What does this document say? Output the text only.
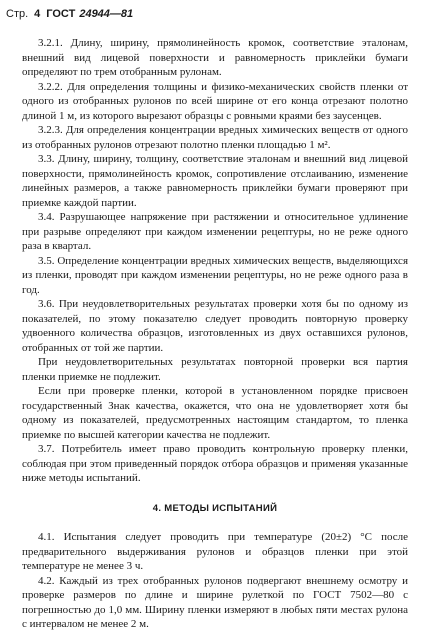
Стр. 4 ГОСТ 24944—81

3.2.1. Длину, ширину, прямолинейность кромок, соответствие эталонам, внешний вид лицевой поверхности и равномерность приклейки бумаги определяют по трем отобранным рулонам.

3.2.2. Для определения толщины и физико-механических свойств пленки от одного из отобранных рулонов по всей ширине от его конца отрезают полотно длиной 1 м, из которого вырезают образцы с ровными краями без заусенцев.

3.2.3. Для определения концентрации вредных химических веществ от одного из отобранных рулонов отрезают полотно пленки площадью 1 м².

3.3. Длину, ширину, толщину, соответствие эталонам и внешний вид лицевой поверхности, прямолинейность кромок, сопротивление отслаиванию, изменение линейных размеров, а также равномерность приклейки бумаги проверяют при приемке каждой партии.

3.4. Разрушающее напряжение при растяжении и относительное удлинение при разрыве определяют при каждом изменении рецептуры, но не реже одного раза в квартал.

3.5. Определение концентрации вредных химических веществ, выделяющихся из пленки, проводят при каждом изменении рецептуры, но не реже одного раза в год.

3.6. При неудовлетворительных результатах проверки хотя бы по одному из показателей, по этому показателю следует проводить повторную проверку удвоенного количества образцов, изготовленных из двух оставшихся рулонов, отобранных от той же партии.

При неудовлетворительных результатах повторной проверки вся партия пленки приемке не подлежит.

Если при проверке пленки, которой в установленном порядке присвоен государственный Знак качества, окажется, что она не удовлетворяет хотя бы одному из показателей, предусмотренных настоящим стандартом, то пленка приемке по высшей категории качества не подлежит.

3.7. Потребитель имеет право проводить контрольную проверку пленки, соблюдая при этом приведенный порядок отбора образцов и применяя указанные ниже методы испытаний.

4. МЕТОДЫ ИСПЫТАНИЙ

4.1. Испытания следует проводить при температуре (20±2) °С после предварительного выдерживания рулонов и образцов пленки при этой температуре не менее 3 ч.

4.2. Каждый из трех отобранных рулонов подвергают внешнему осмотру и проверке размеров по длине и ширине рулеткой по ГОСТ 7502—80 с погрешностью до 1,0 мм. Ширину пленки измеряют в любых пяти местах рулона с интервалом не менее 2 м.
